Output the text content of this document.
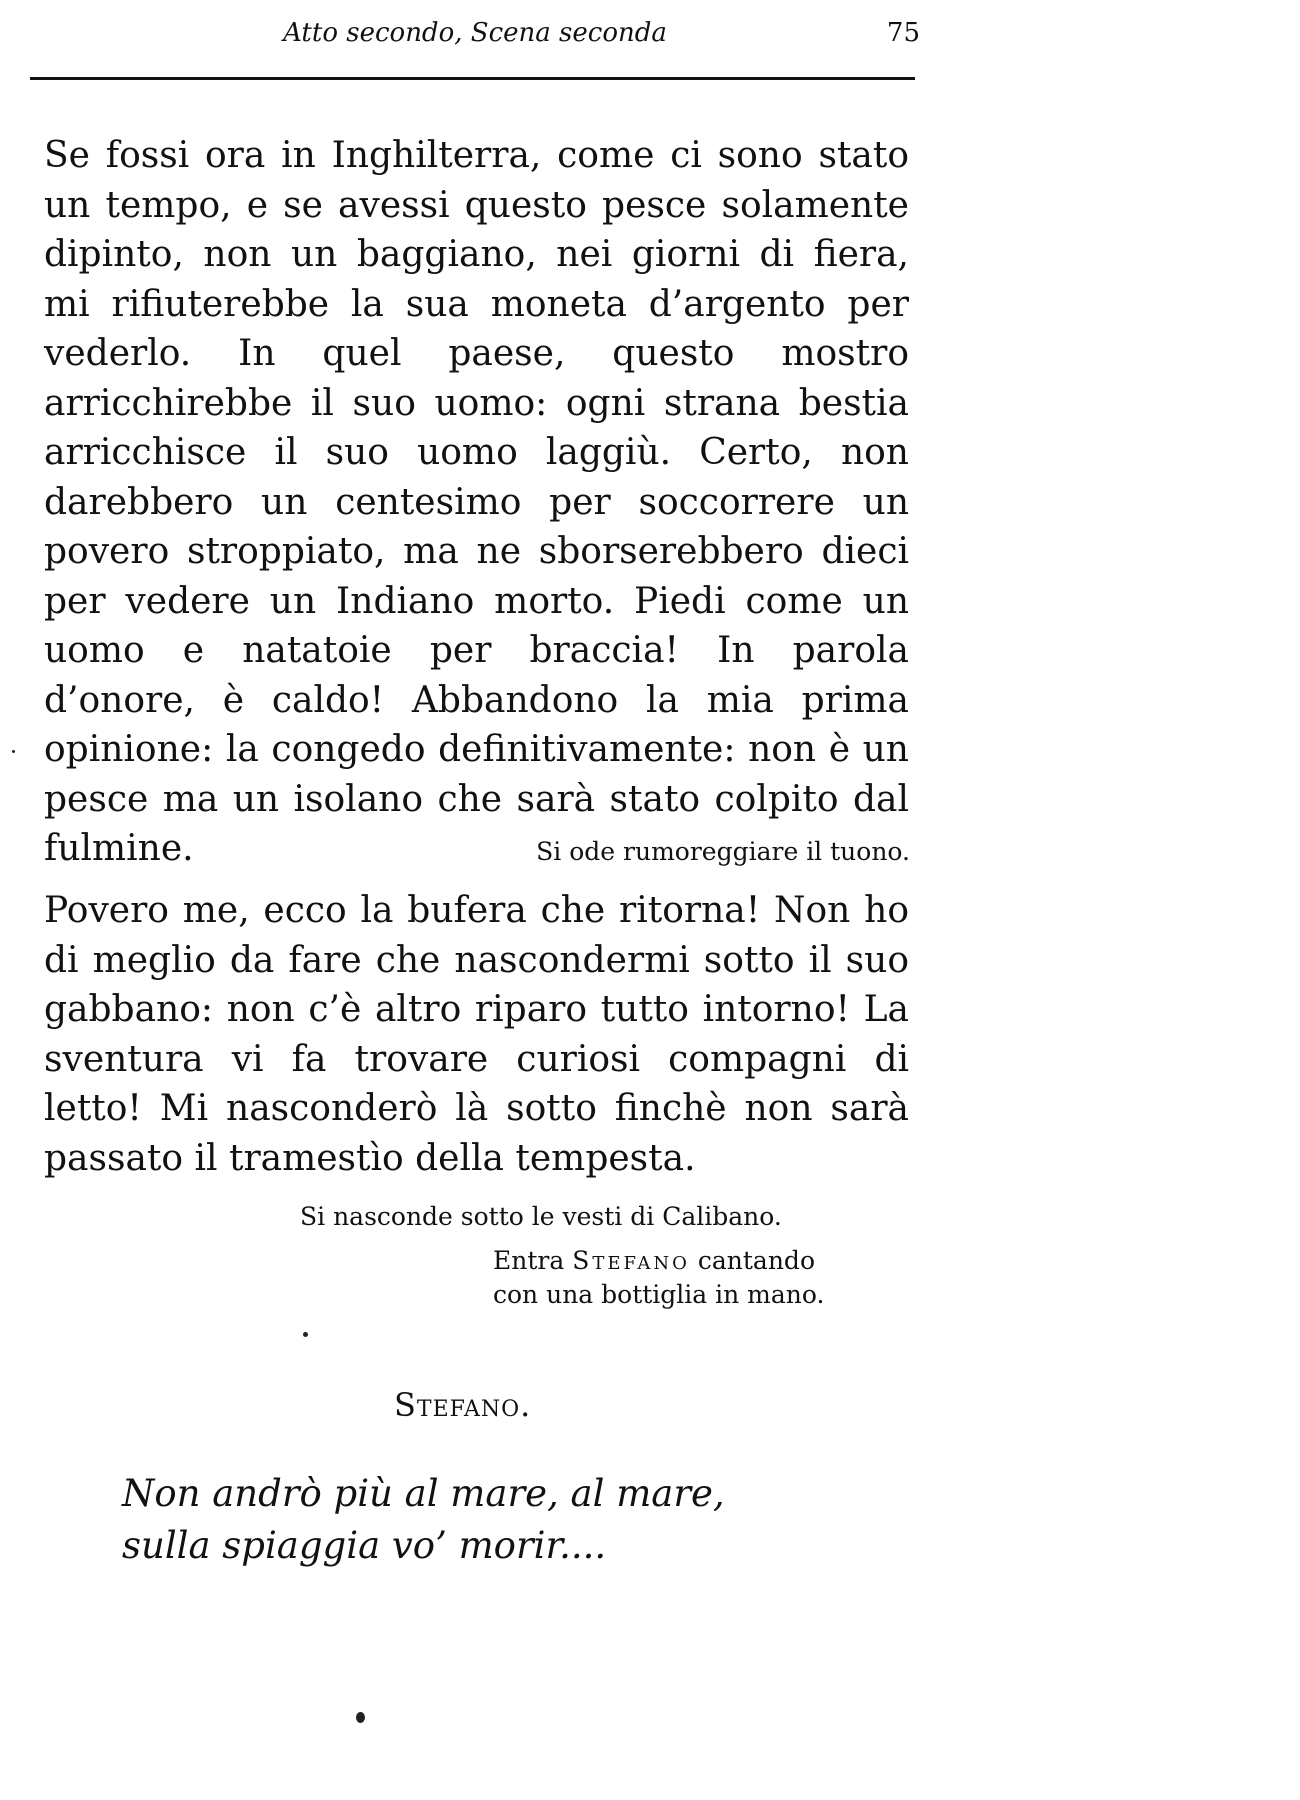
Atto secondo, Scena seconda	75
Se fossi ora in Inghilterra, come ci sono stato un tempo, e se avessi questo pesce solamente dipinto, non un baggiano, nei giorni di fiera, mi rifiuterebbe la sua moneta d’argento per vederlo. In quel paese, questo mostro arricchirebbe il suo uomo: ogni strana bestia arricchisce il suo uomo laggiù. Certo, non darebbero un centesimo per soccorrere un povero stroppiato, ma ne sborserebbero dieci per vedere un Indiano morto. Piedi come un uomo e natatoie per braccia! In parola d’onore, è caldo! Abbandono la mia prima opinione: la congedo definitivamente: non è un pesce ma un isolano che sarà stato colpito dal fulmine.	Si ode rumoreggiare il tuono.
Povero me, ecco la bufera che ritorna! Non ho di meglio da fare che nascondermi sotto il suo gabbano: non c’è altro riparo tutto intorno! La sventura vi fa trovare curiosi compagni di letto! Mi nasconderò là sotto finchè non sarà passato il tramestìo della tempesta.
Si nasconde sotto le vesti di Calibano.
Entra Stefano cantando
con una bottiglia in mano.
Stefano.
Non andrò più al mare, al mare,
sulla spiaggia vo’ morir....
